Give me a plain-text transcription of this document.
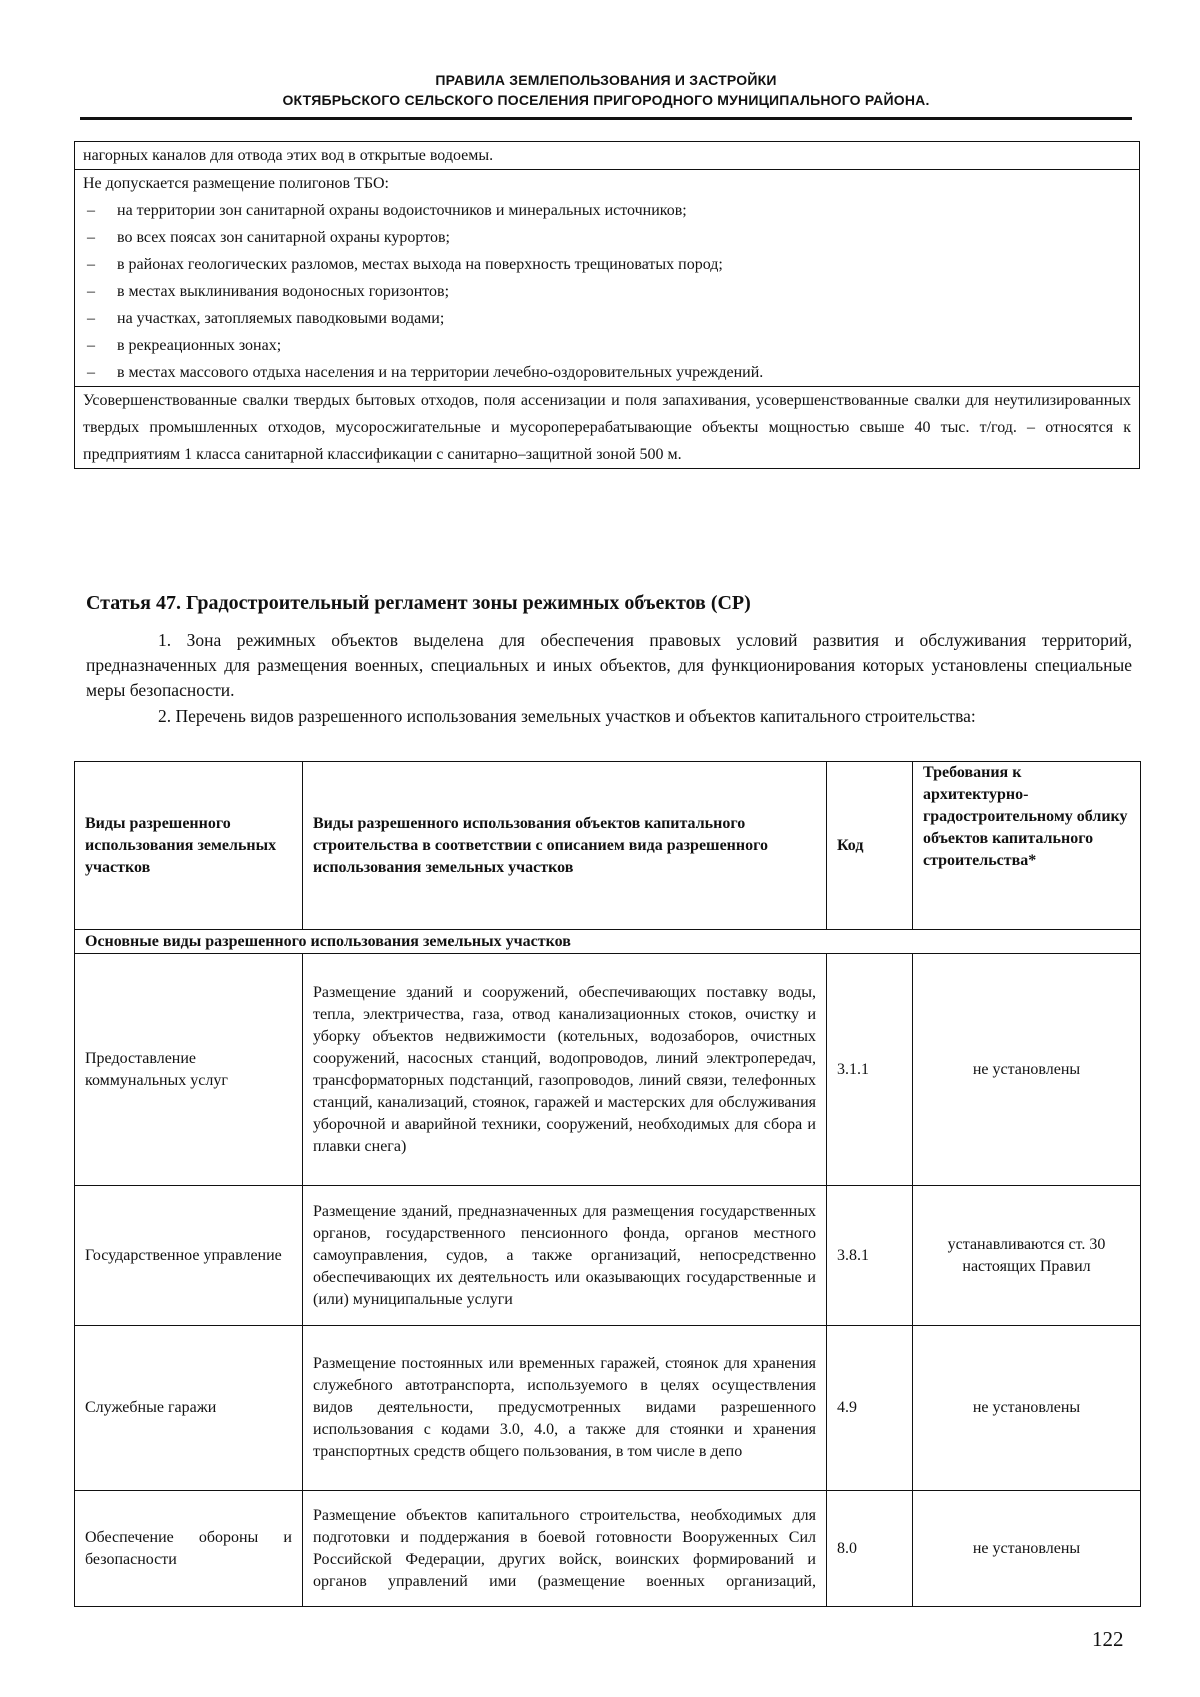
ПРАВИЛА ЗЕМЛЕПОЛЬЗОВАНИЯ И ЗАСТРОЙКИ
ОКТЯБРЬСКОГО СЕЛЬСКОГО ПОСЕЛЕНИЯ ПРИГОРОДНОГО МУНИЦИПАЛЬНОГО РАЙОНА.
нагорных каналов для отвода этих вод в открытые водоемы.
Не допускается размещение полигонов ТБО:
– на территории зон санитарной охраны водоисточников и минеральных источников;
– во всех поясах зон санитарной охраны курортов;
– в районах геологических разломов, местах выхода на поверхность трещиноватых пород;
– в местах выклинивания водоносных горизонтов;
– на участках, затопляемых паводковыми водами;
– в рекреационных зонах;
– в местах массового отдыха населения и на территории лечебно-оздоровительных учреждений.
Усовершенствованные свалки твердых бытовых отходов, поля ассенизации и поля запахивания, усовершенствованные свалки для неутилизированных твердых промышленных отходов, мусоросжигательные и мусороперерабатывающие объекты мощностью свыше 40 тыс. т/год. – относятся к предприятиям 1 класса санитарной классификации с санитарно–защитной зоной 500 м.
Статья 47. Градостроительный регламент зоны режимных объектов (СР)
1. Зона режимных объектов выделена для обеспечения правовых условий развития и обслуживания территорий, предназначенных для размещения военных, специальных и иных объектов, для функционирования которых установлены специальные меры безопасности.
2. Перечень видов разрешенного использования земельных участков и объектов капитального строительства:
Виды разрешенного использования земельных участков	Виды разрешенного использования объектов капитального строительства в соответствии с описанием вида разрешенного использования земельных участков	Код	Требования к архитектурно-градостроительному облику объектов капитального строительства*
Основные виды разрешенного использования земельных участков			
Предоставление коммунальных услуг	Размещение зданий и сооружений, обеспечивающих поставку воды, тепла, электричества, газа, отвод канализационных стоков, очистку и уборку объектов недвижимости (котельных, водозаборов, очистных сооружений, насосных станций, водопроводов, линий электропередач, трансформаторных подстанций, газопроводов, линий связи, телефонных станций, канализаций, стоянок, гаражей и мастерских для обслуживания уборочной и аварийной техники, сооружений, необходимых для сбора и плавки снега)	3.1.1	не установлены
Государственное управление	Размещение зданий, предназначенных для размещения государственных органов, государственного пенсионного фонда, органов местного самоуправления, судов, а также организаций, непосредственно обеспечивающих их деятельность или оказывающих государственные и (или) муниципальные услуги	3.8.1	устанавливаются ст. 30 настоящих Правил
Служебные гаражи	Размещение постоянных или временных гаражей, стоянок для хранения служебного автотранспорта, используемого в целях осуществления видов деятельности, предусмотренных видами разрешенного использования с кодами 3.0, 4.0, а также для стоянки и хранения транспортных средств общего пользования, в том числе в депо	4.9	не установлены
Обеспечение обороны и безопасности	Размещение объектов капитального строительства, необходимых для подготовки и поддержания в боевой готовности Вооруженных Сил Российской Федерации, других войск, воинских формирований и органов управлений ими (размещение военных организаций,	8.0	не установлены
122
